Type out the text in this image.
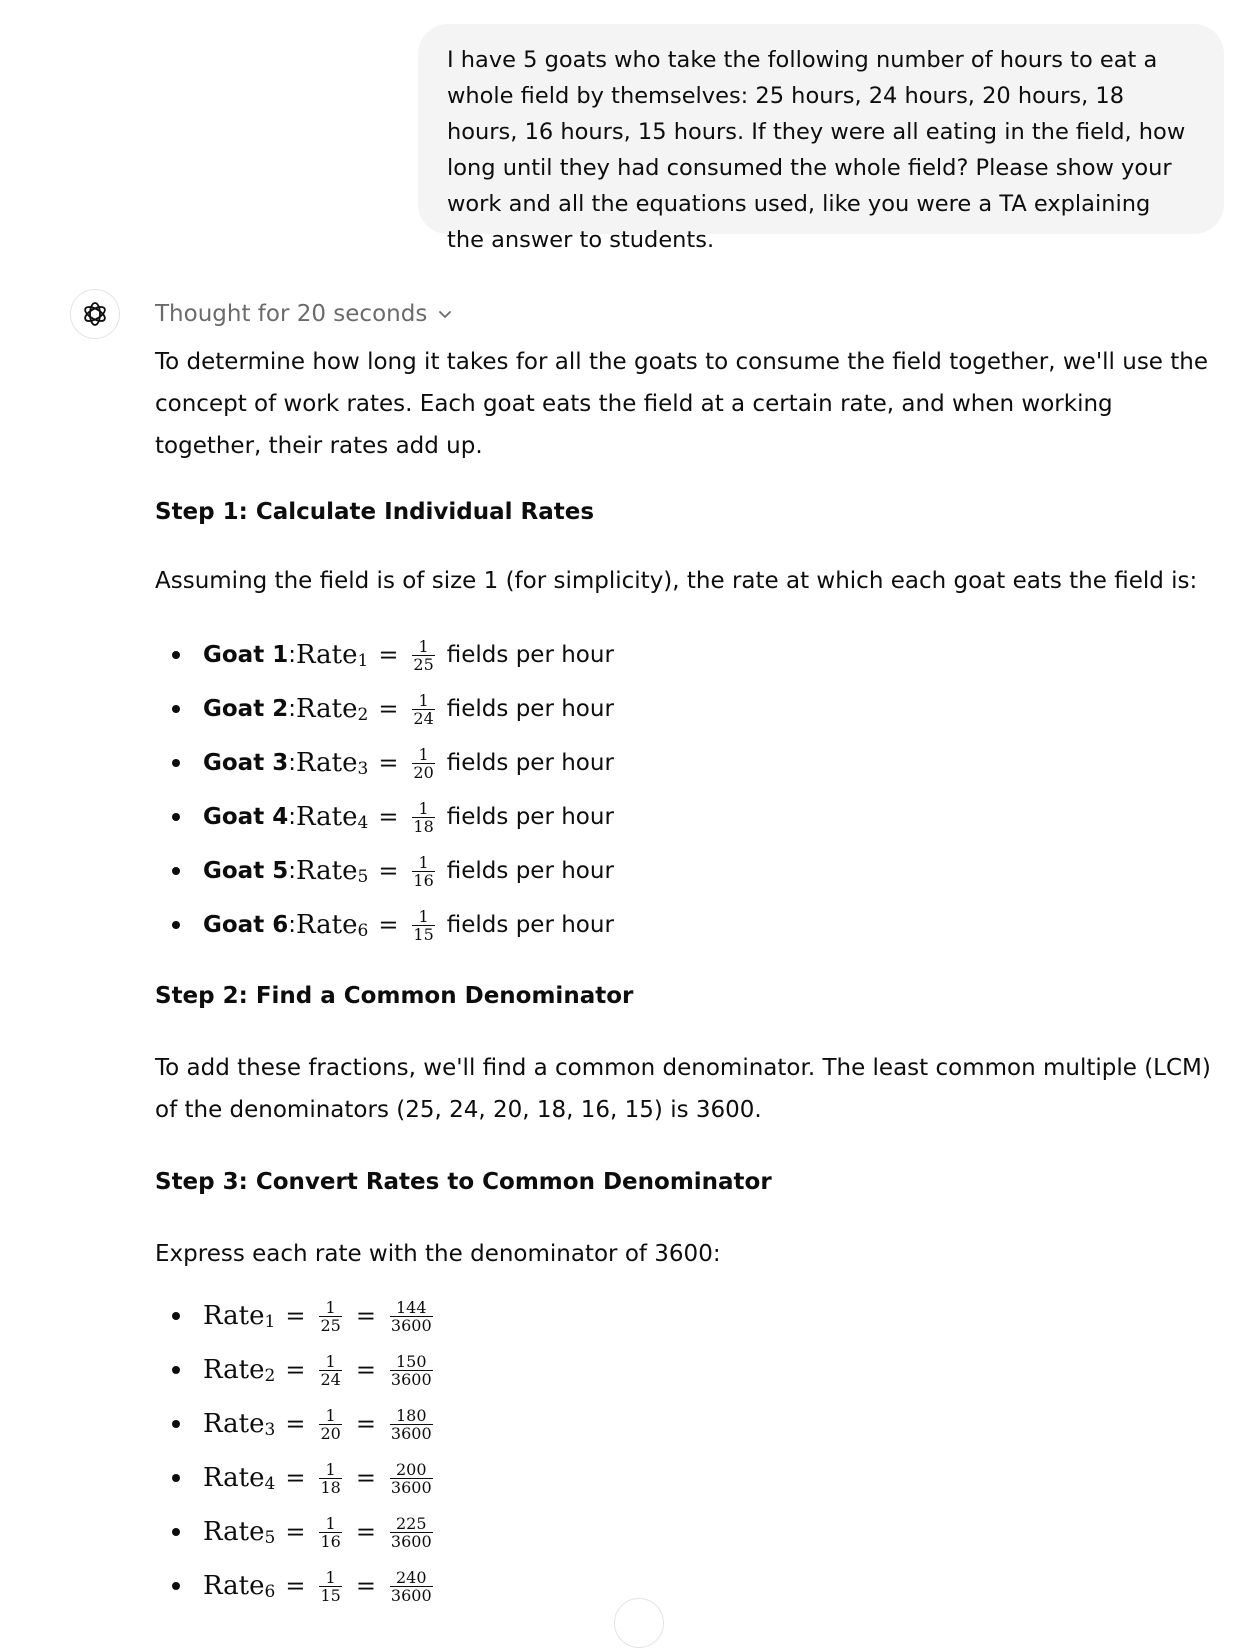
I have 5 goats who take the following number of hours to eat a whole field by themselves: 25 hours, 24 hours, 20 hours, 18 hours, 16 hours, 15 hours. If they were all eating in the field, how long until they had consumed the whole field? Please show your work and all the equations used, like you were a TA explaining the answer to students.
Thought for 20 seconds
To determine how long it takes for all the goats to consume the field together, we'll use the concept of work rates. Each goat eats the field at a certain rate, and when working together, their rates add up.
Step 1: Calculate Individual Rates
Assuming the field is of size 1 (for simplicity), the rate at which each goat eats the field is:
Goat 1 : Rate $1 = \frac{1}{25}$ fields per hour
Goat 2 : Rate $2 = \frac{1}{24}$ fields per hour
Goat 3 : Rate $3 = \frac{1}{20}$ fields per hour
Goat 4 : Rate $4 = \frac{1}{18}$ fields per hour
Goat 5 : Rate $5 = \frac{1}{16}$ fields per hour
Goat 6 : Rate $6 = \frac{1}{15}$ fields per hour
Step 2: Find a Common Denominator
To add these fractions, we'll find a common denominator. The least common multiple (LCM) of the denominators (25, 24, 20, 18, 16, 15) is 3600.
Step 3: Convert Rates to Common Denominator
Express each rate with the denominator of 3600:
Rate $1 = \frac{1}{25} = \frac{144}{3600}$
Rate $2 = \frac{1}{24} = \frac{150}{3600}$
Rate $3 = \frac{1}{20} = \frac{180}{3600}$
Rate $4 = \frac{1}{18} = \frac{200}{3600}$
Rate $5 = \frac{1}{16} = \frac{225}{3600}$
Rate $6 = \frac{1}{15} = \frac{240}{3600}$
